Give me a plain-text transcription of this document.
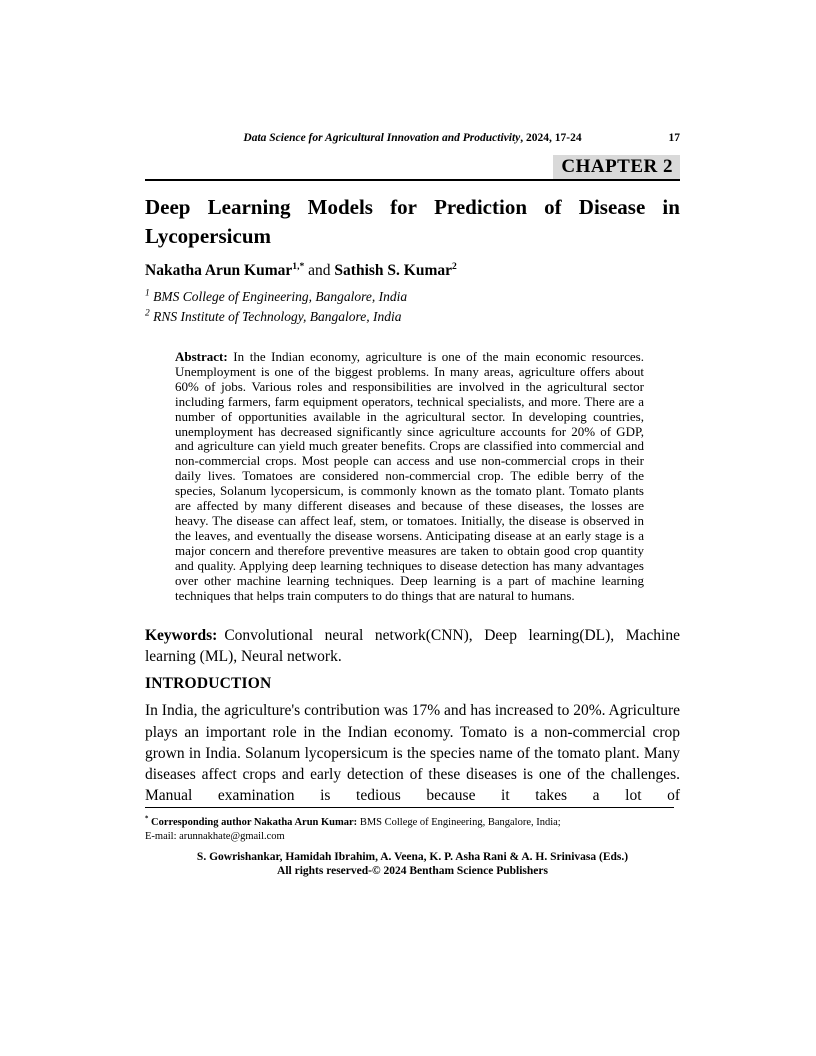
Data Science for Agricultural Innovation and Productivity, 2024, 17-24	17
CHAPTER 2
Deep Learning Models for Prediction of Disease in
Lycopersicum
Nakatha Arun Kumar$^{1,*}$ and Sathish S. Kumar$^2$
$^1$ BMS College of Engineering, Bangalore, India
$^2$ RNS Institute of Technology, Bangalore, India
Abstract: In the Indian economy, agriculture is one of the main economic resources. Unemployment is one of the biggest problems. In many areas, agriculture offers about 60% of jobs. Various roles and responsibilities are involved in the agricultural sector including farmers, farm equipment operators, technical specialists, and more. There are a number of opportunities available in the agricultural sector. In developing countries, unemployment has decreased significantly since agriculture accounts for 20% of GDP, and agriculture can yield much greater benefits. Crops are classified into commercial and non-commercial crops. Most people can access and use non-commercial crops in their daily lives. Tomatoes are considered non-commercial crop. The edible berry of the species, Solanum lycopersicum, is commonly known as the tomato plant. Tomato plants are affected by many different diseases and because of these diseases, the losses are heavy. The disease can affect leaf, stem, or tomatoes. Initially, the disease is observed in the leaves, and eventually the disease worsens. Anticipating disease at an early stage is a major concern and therefore preventive measures are taken to obtain good crop quantity and quality. Applying deep learning techniques to disease detection has many advantages over other machine learning techniques. Deep learning is a part of machine learning techniques that helps train computers to do things that are natural to humans.
Keywords: Convolutional neural network(CNN), Deep learning(DL), Machine learning (ML), Neural network.
INTRODUCTION
In India, the agriculture's contribution was 17% and has increased to 20%. Agriculture plays an important role in the Indian economy. Tomato is a non-commercial crop grown in India. Solanum lycopersicum is the species name of the tomato plant. Many diseases affect crops and early detection of these diseases is one of the challenges. Manual examination is tedious because it takes a lot of
* Corresponding author Nakatha Arun Kumar: BMS College of Engineering, Bangalore, India;
E-mail: arunnakhate@gmail.com
S. Gowrishankar, Hamidah Ibrahim, A. Veena, K. P. Asha Rani & A. H. Srinivasa (Eds.)
All rights reserved-© 2024 Bentham Science Publishers
